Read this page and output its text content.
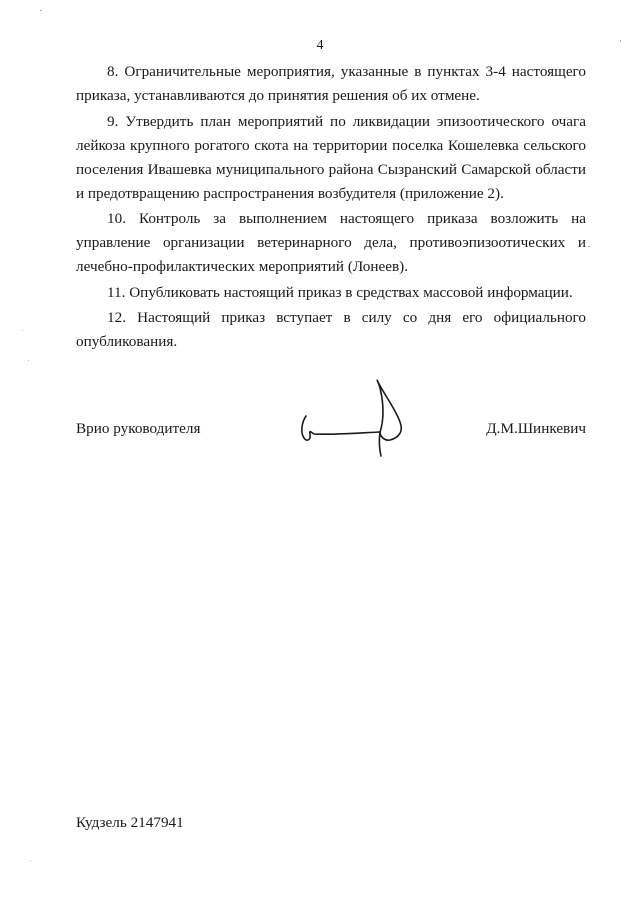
4

8. Ограничительные мероприятия, указанные в пунктах 3-4 настоящего приказа, устанавливаются до принятия решения об их отмене.

9. Утвердить план мероприятий по ликвидации эпизоотического очага лейкоза крупного рогатого скота на территории поселка Кошелевка сельского поселения Ивашевка муниципального района Сызранский Самарской области и предотвращению распространения возбудителя (приложение 2).

10. Контроль за выполнением настоящего приказа возложить на управление организации ветеринарного дела, противоэпизоотических и лечебно-профилактических мероприятий (Лонеев).

11. Опубликовать настоящий приказ в средствах массовой информации.

12. Настоящий приказ вступает в силу со дня его официального опубликования.

Врио руководителя	Д.М.Шинкевич
Кудзель 2147941
